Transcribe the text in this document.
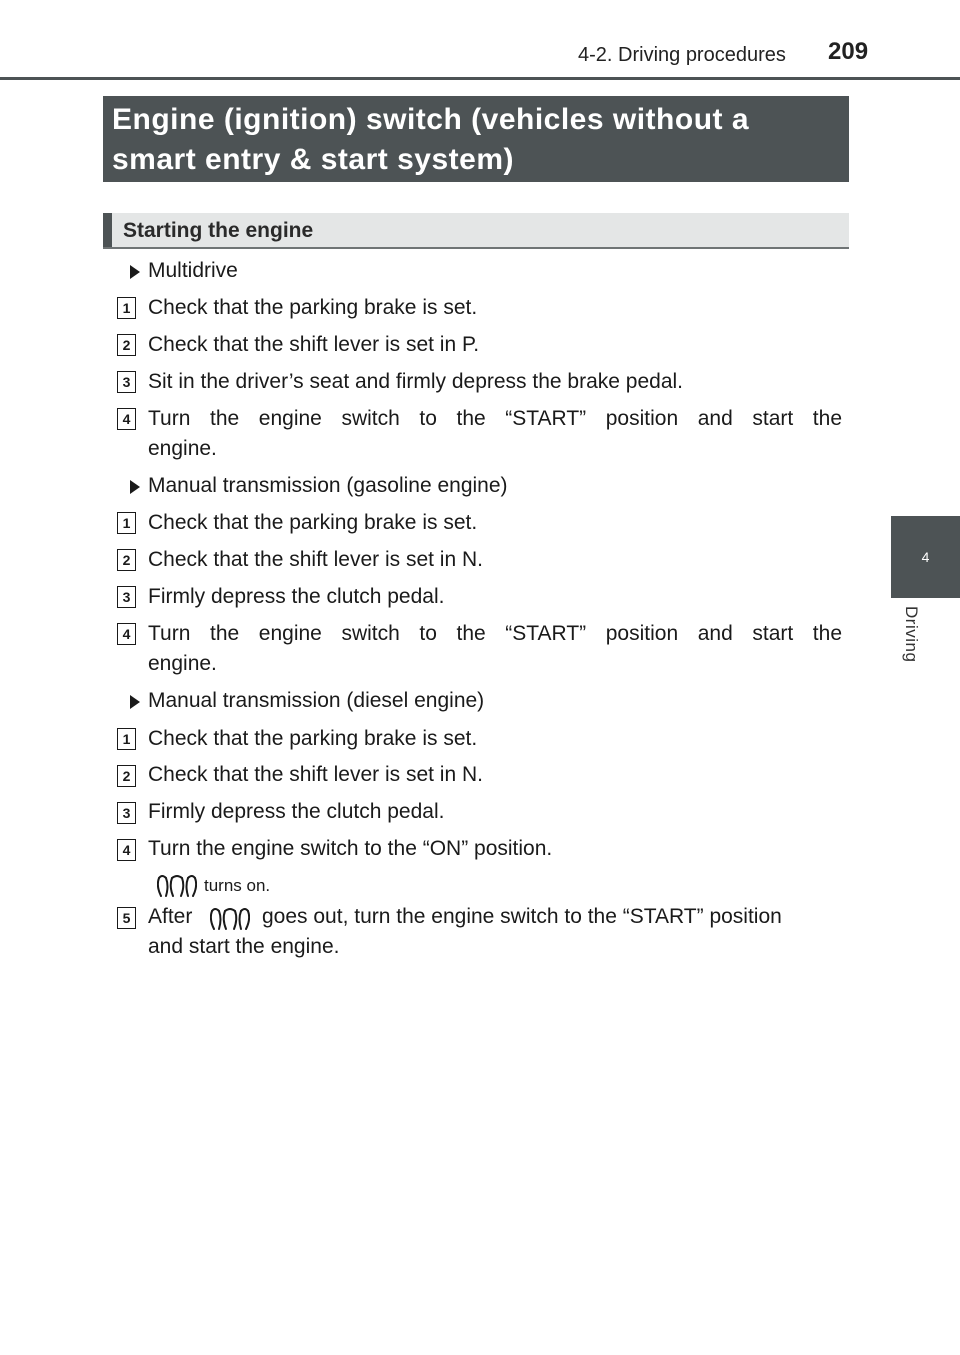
4-2. Driving procedures 209
4
Driving
Engine (ignition) switch (vehicles without a
smart entry & start system)
Starting the engine
Multidrive
1 Check that the parking brake is set.
2 Check that the shift lever is set in P.
3 Sit in the driver’s seat and firmly depress the brake pedal.
4 Turn the engine switch to the “START” position and start the
engine.
Manual transmission (gasoline engine)
1 Check that the parking brake is set.
2 Check that the shift lever is set in N.
3 Firmly depress the clutch pedal.
4 Turn the engine switch to the “START” position and start the
engine.
Manual transmission (diesel engine)
1 Check that the parking brake is set.
2 Check that the shift lever is set in N.
3 Firmly depress the clutch pedal.
4 Turn the engine switch to the “ON” position.
turns on.
5 After	goes out, turn the engine switch to the “START” position
and start the engine.
